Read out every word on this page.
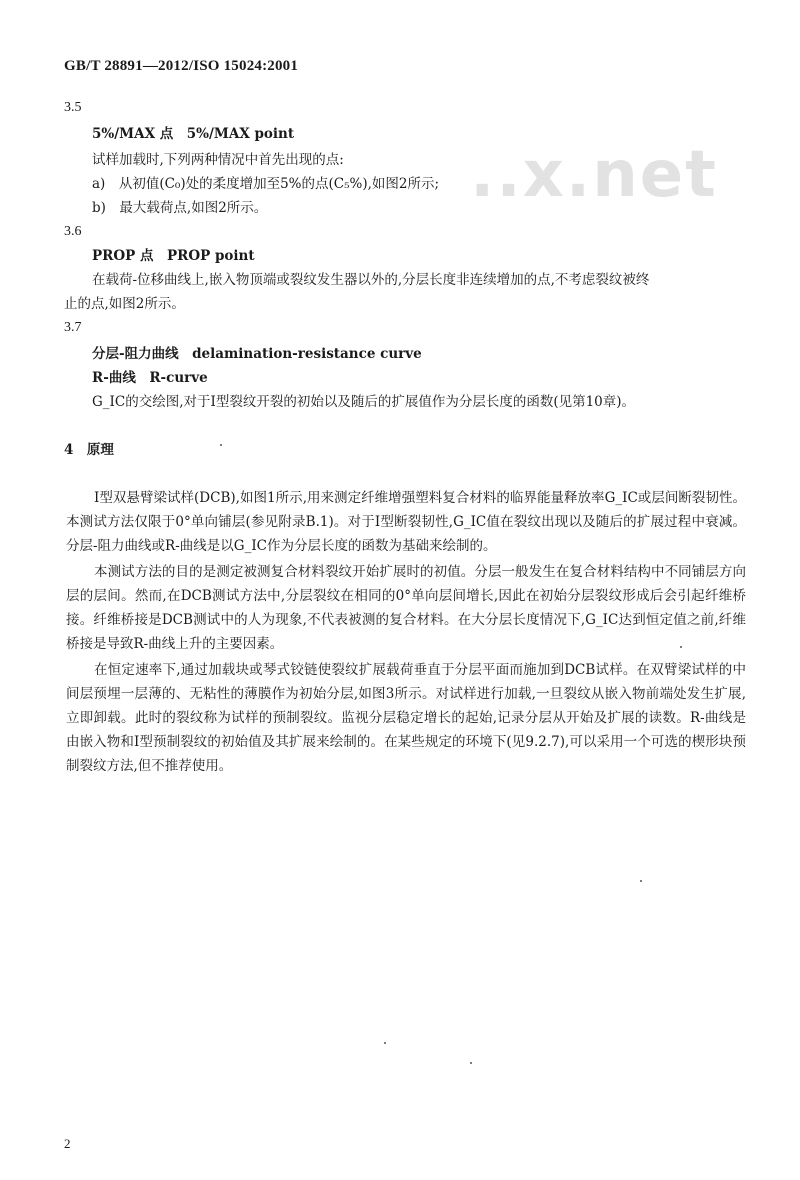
GB/T 28891—2012/ISO 15024:2001
..x.net
3.5
5%/MAX 点　5%/MAX point
试样加载时,下列两种情况中首先出现的点:
a)　从初值(C₀)处的柔度增加至5%的点(C₅%),如图2所示;
b)　最大载荷点,如图2所示。
3.6
PROP 点　PROP point
在载荷-位移曲线上,嵌入物顶端或裂纹发生器以外的,分层长度非连续增加的点,不考虑裂纹被终
止的点,如图2所示。
3.7
分层-阻力曲线　delamination-resistance curve
R-曲线　R-curve
G_IC的交绘图,对于Ⅰ型裂纹开裂的初始以及随后的扩展值作为分层长度的函数(见第10章)。
4　原理
Ⅰ型双悬臂梁试样(DCB),如图1所示,用来测定纤维增强塑料复合材料的临界能量释放率G_IC或层间断裂韧性。本测试方法仅限于0°单向铺层(参见附录B.1)。对于Ⅰ型断裂韧性,G_IC值在裂纹出现以及随后的扩展过程中衰减。分层-阻力曲线或R-曲线是以G_IC作为分层长度的函数为基础来绘制的。
本测试方法的目的是测定被测复合材料裂纹开始扩展时的初值。分层一般发生在复合材料结构中不同铺层方向层的层间。然而,在DCB测试方法中,分层裂纹在相同的0°单向层间增长,因此在初始分层裂纹形成后会引起纤维桥接。纤维桥接是DCB测试中的人为现象,不代表被测的复合材料。在大分层长度情况下,G_IC达到恒定值之前,纤维桥接是导致R-曲线上升的主要因素。
在恒定速率下,通过加载块或琴式铰链使裂纹扩展载荷垂直于分层平面而施加到DCB试样。在双臂梁试样的中间层预埋一层薄的、无粘性的薄膜作为初始分层,如图3所示。对试样进行加载,一旦裂纹从嵌入物前端处发生扩展,立即卸载。此时的裂纹称为试样的预制裂纹。监视分层稳定增长的起始,记录分层从开始及扩展的读数。R-曲线是由嵌入物和Ⅰ型预制裂纹的初始值及其扩展来绘制的。在某些规定的环境下(见9.2.7),可以采用一个可选的楔形块预制裂纹方法,但不推荐使用。
2
